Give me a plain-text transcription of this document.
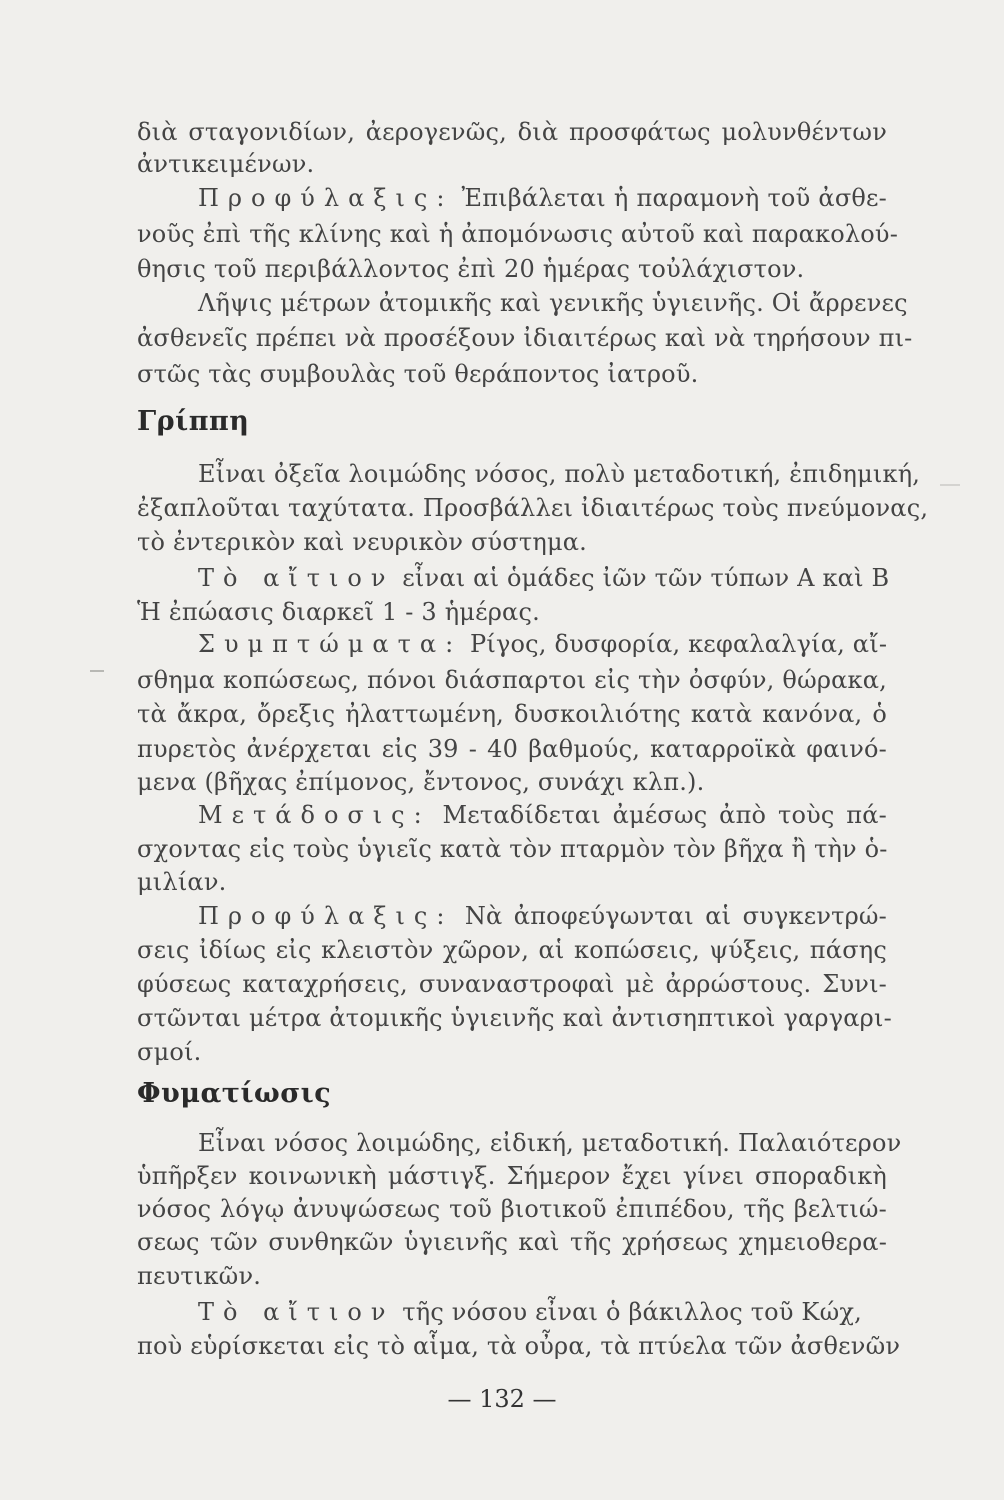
διὰ σταγονιδίων, ἀερογενῶς, διὰ προσφάτως μολυνθέντων
ἀντικειμένων.
Προφύλαξις: Ἐπιβάλεται ἡ παραμονὴ τοῦ ἀσθε-
νοῦς ἐπὶ τῆς κλίνης καὶ ἡ ἀπομόνωσις αὐτοῦ καὶ παρακολού-
θησις τοῦ περιβάλλοντος ἐπὶ 20 ἡμέρας τοὐλάχιστον.
Λῆψις μέτρων ἀτομικῆς καὶ γενικῆς ὑγιεινῆς. Οἱ ἄρρενες
ἀσθενεῖς πρέπει νὰ προσέξουν ἰδιαιτέρως καὶ νὰ τηρήσουν πι-
στῶς τὰς συμβουλὰς τοῦ θεράποντος ἰατροῦ.
Γρίππη
Εἶναι ὀξεῖα λοιμώδης νόσος, πολὺ μεταδοτική, ἐπιδημική,
ἐξαπλοῦται ταχύτατα. Προσβάλλει ἰδιαιτέρως τοὺς πνεύμονας,
τὸ ἐντερικὸν καὶ νευρικὸν σύστημα.
Τὸ αἴτιον εἶναι αἱ ὁμάδες ἰῶν τῶν τύπων Α καὶ Β
Ἡ ἐπώασις διαρκεῖ 1 - 3 ἡμέρας.
Συμπτώματα: Ρίγος, δυσφορία, κεφαλαλγία, αἴ-
σθημα κοπώσεως, πόνοι διάσπαρτοι εἰς τὴν ὀσφύν, θώρακα,
τὰ ἄκρα, ὄρεξις ἠλαττωμένη, δυσκοιλιότης κατὰ κανόνα, ὁ
πυρετὸς ἀνέρχεται εἰς 39 - 40 βαθμούς, καταρροϊκὰ φαινό-
μενα (βῆχας ἐπίμονος, ἔντονος, συνάχι κλπ.).
Μετάδοσις: Μεταδίδεται ἀμέσως ἀπὸ τοὺς πά-
σχοντας εἰς τοὺς ὑγιεῖς κατὰ τὸν πταρμὸν τὸν βῆχα ἢ τὴν ὁ-
μιλίαν.
Προφύλαξις: Νὰ ἀποφεύγωνται αἱ συγκεντρώ-
σεις ἰδίως εἰς κλειστὸν χῶρον, αἱ κοπώσεις, ψύξεις, πάσης
φύσεως καταχρήσεις, συναναστροφαὶ μὲ ἀρρώστους. Συνι-
στῶνται μέτρα ἀτομικῆς ὑγιεινῆς καὶ ἀντισηπτικοὶ γαργαρι-
σμοί.
Φυματίωσις
Εἶναι νόσος λοιμώδης, εἰδική, μεταδοτική. Παλαιότερον
ὑπῆρξεν κοινωνικὴ μάστιγξ. Σήμερον ἔχει γίνει σποραδικὴ
νόσος λόγῳ ἀνυψώσεως τοῦ βιοτικοῦ ἐπιπέδου, τῆς βελτιώ-
σεως τῶν συνθηκῶν ὑγιεινῆς καὶ τῆς χρήσεως χημειοθερα-
πευτικῶν.
Τὸ αἴτιον τῆς νόσου εἶναι ὁ βάκιλλος τοῦ Κώχ,
ποὺ εὑρίσκεται εἰς τὸ αἷμα, τὰ οὖρα, τὰ πτύελα τῶν ἀσθενῶν
— 132 —
